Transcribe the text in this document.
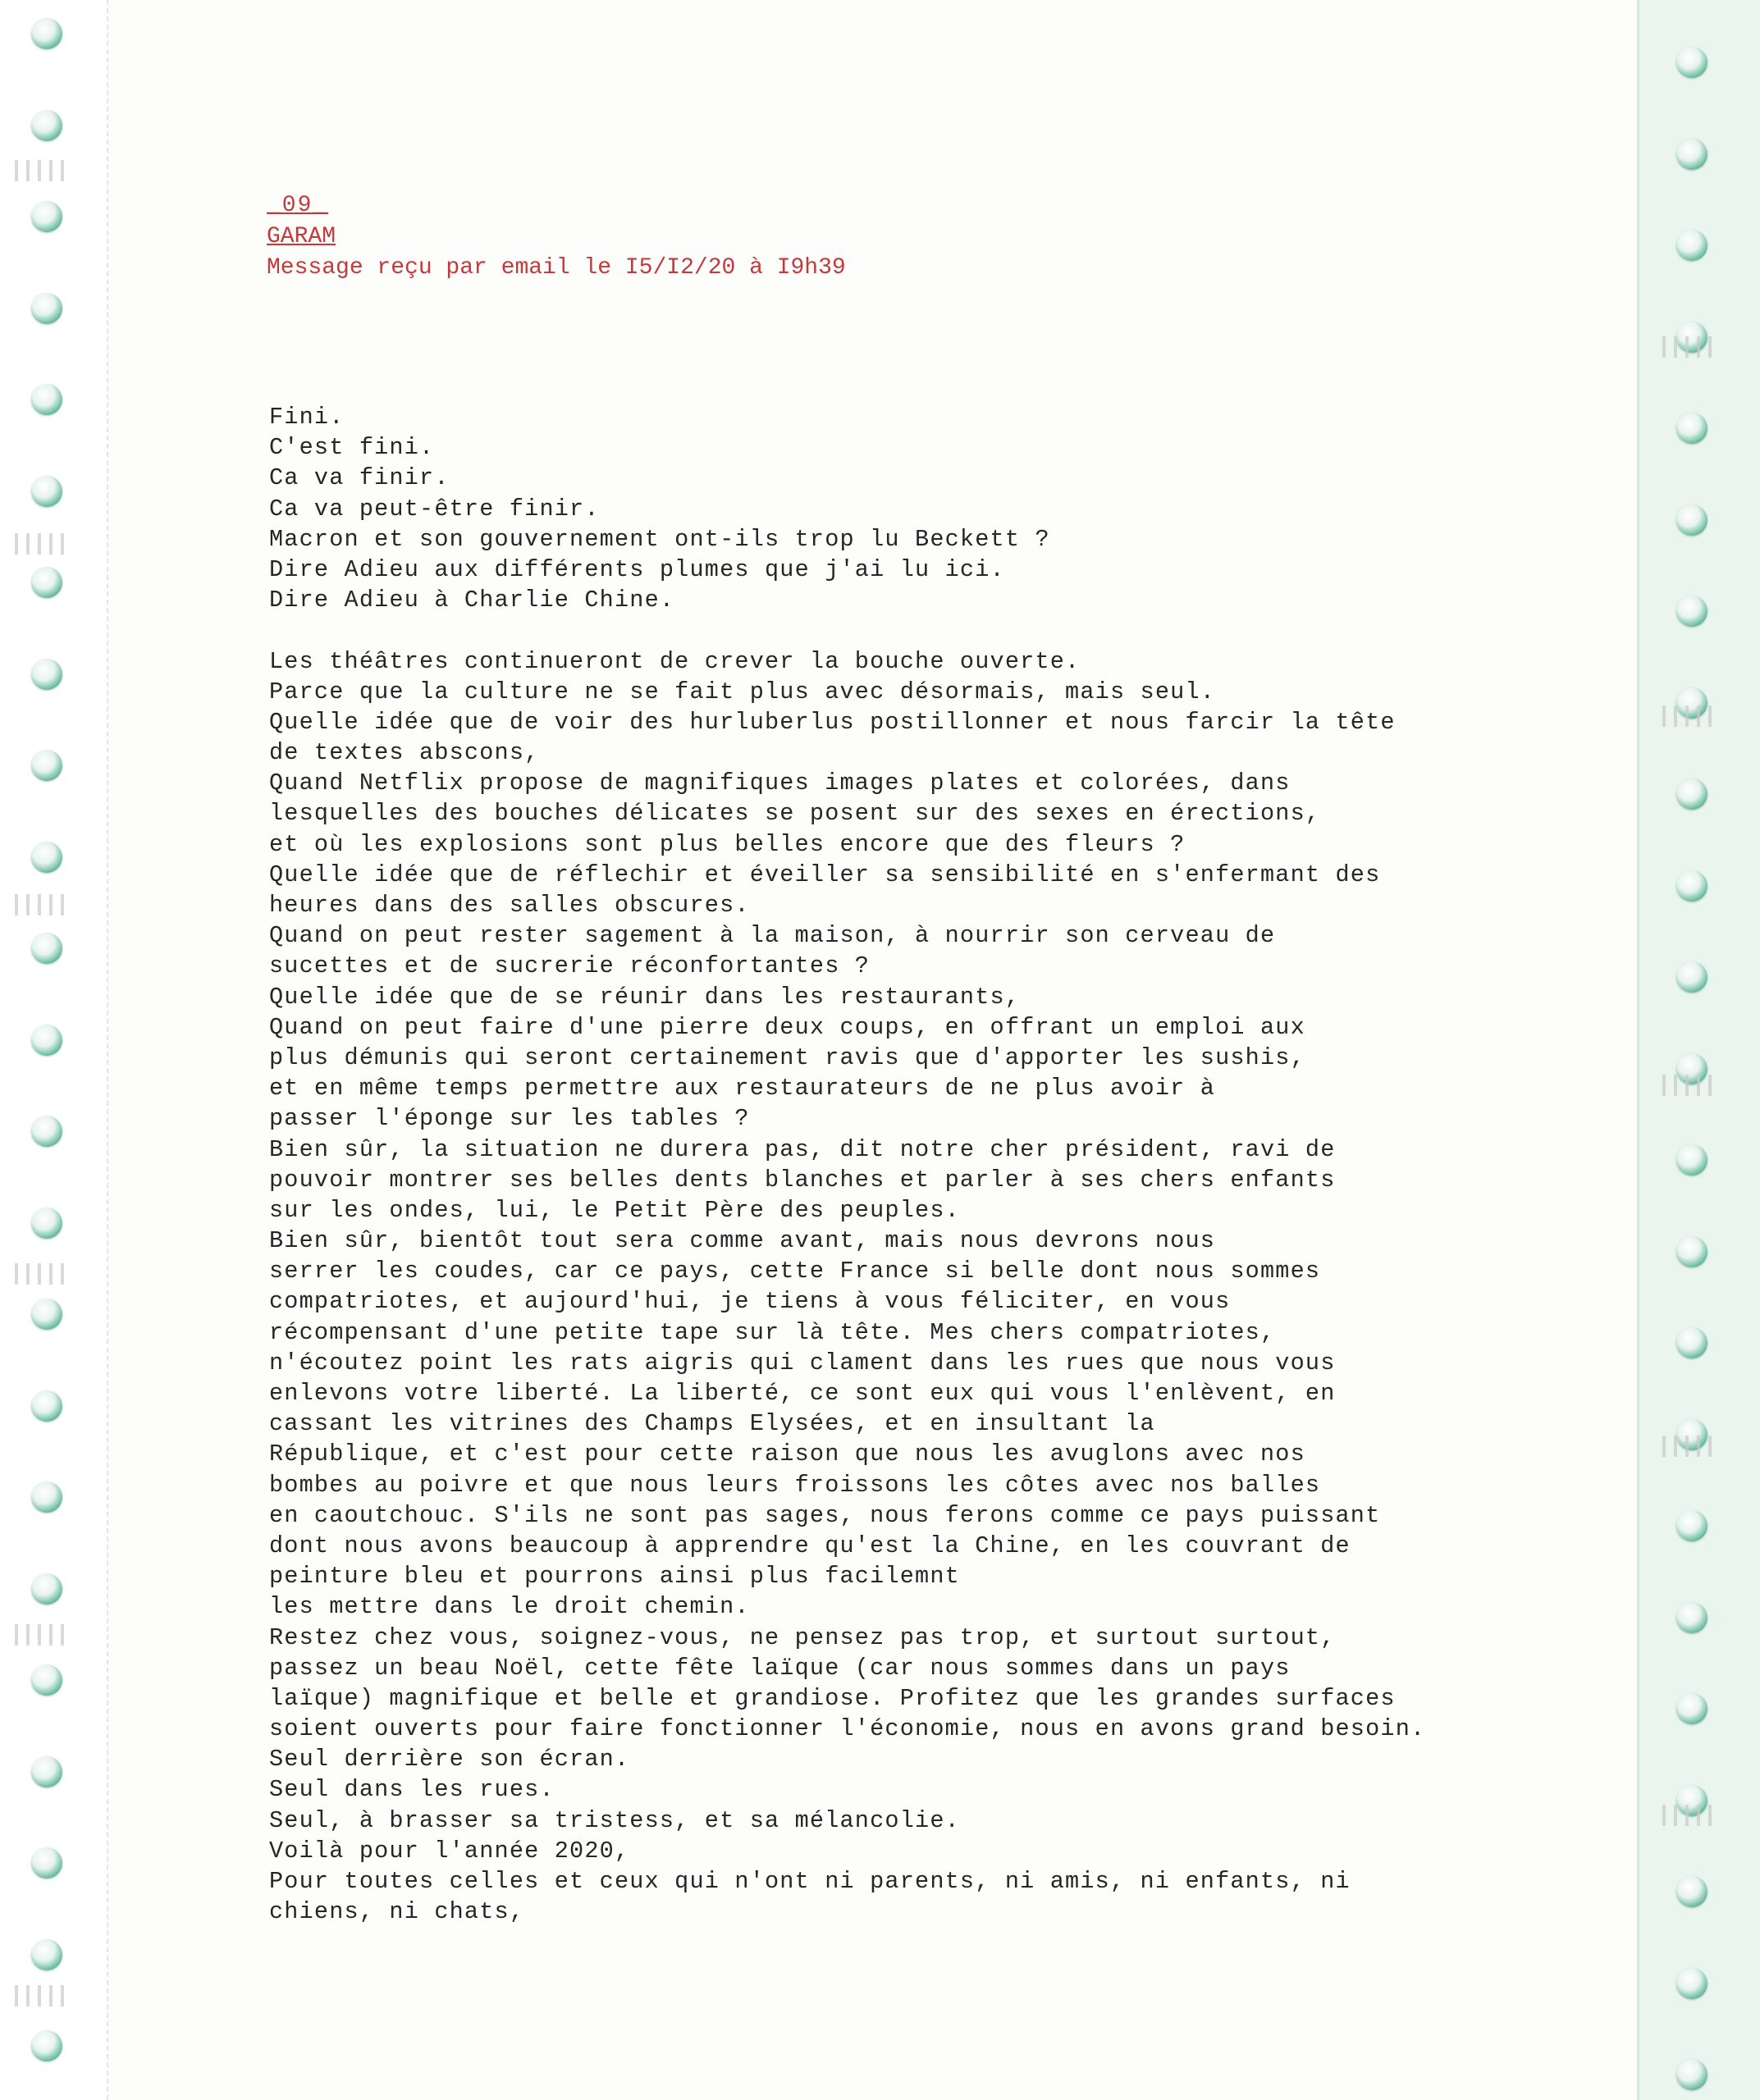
_09_
GARAM
Message reçu par email le I5/I2/20 à I9h39
Fini.
C'est fini.
Ca va finir.
Ca va peut-être finir.
Macron et son gouvernement ont-ils trop lu Beckett ?
Dire Adieu aux différents plumes que j'ai lu ici.
Dire Adieu à Charlie Chine.
Les théâtres continueront de crever la bouche ouverte.
Parce que la culture ne se fait plus avec désormais, mais seul.
Quelle idée que de voir des hurluberlus postillonner et nous farcir la tête
de textes abscons,
Quand Netflix propose de magnifiques images plates et colorées, dans
lesquelles des bouches délicates se posent sur des sexes en érections,
et où les explosions sont plus belles encore que des fleurs ?
Quelle idée que de réflechir et éveiller sa sensibilité en s'enfermant des
heures dans des salles obscures.
Quand on peut rester sagement à la maison, à nourrir son cerveau de
sucettes et de sucrerie réconfortantes ?
Quelle idée que de se réunir dans les restaurants,
Quand on peut faire d'une pierre deux coups, en offrant un emploi aux
plus démunis qui seront certainement ravis que d'apporter les sushis,
et en même temps permettre aux restaurateurs de ne plus avoir à
passer l'éponge sur les tables ?
Bien sûr, la situation ne durera pas, dit notre cher président, ravi de
pouvoir montrer ses belles dents blanches et parler à ses chers enfants
sur les ondes, lui, le Petit Père des peuples.
Bien sûr, bientôt tout sera comme avant, mais nous devrons nous
serrer les coudes, car ce pays, cette France si belle dont nous sommes
compatriotes, et aujourd'hui, je tiens à vous féliciter, en vous
récompensant d'une petite tape sur là tête. Mes chers compatriotes,
n'écoutez point les rats aigris qui clament dans les rues que nous vous
enlevons votre liberté. La liberté, ce sont eux qui vous l'enlèvent, en
cassant les vitrines des Champs Elysées, et en insultant la
République, et c'est pour cette raison que nous les avuglons avec nos
bombes au poivre et que nous leurs froissons les côtes avec nos balles
en caoutchouc. S'ils ne sont pas sages, nous ferons comme ce pays puissant
dont nous avons beaucoup à apprendre qu'est la Chine, en les couvrant de
peinture bleu et pourrons ainsi plus facilemnt
les mettre dans le droit chemin.
Restez chez vous, soignez-vous, ne pensez pas trop, et surtout surtout,
passez un beau Noël, cette fête laïque (car nous sommes dans un pays
laïque) magnifique et belle et grandiose. Profitez que les grandes surfaces
soient ouverts pour faire fonctionner l'économie, nous en avons grand besoin.
Seul derrière son écran.
Seul dans les rues.
Seul, à brasser sa tristess, et sa mélancolie.
Voilà pour l'année 2020,
Pour toutes celles et ceux qui n'ont ni parents, ni amis, ni enfants, ni
chiens, ni chats,
